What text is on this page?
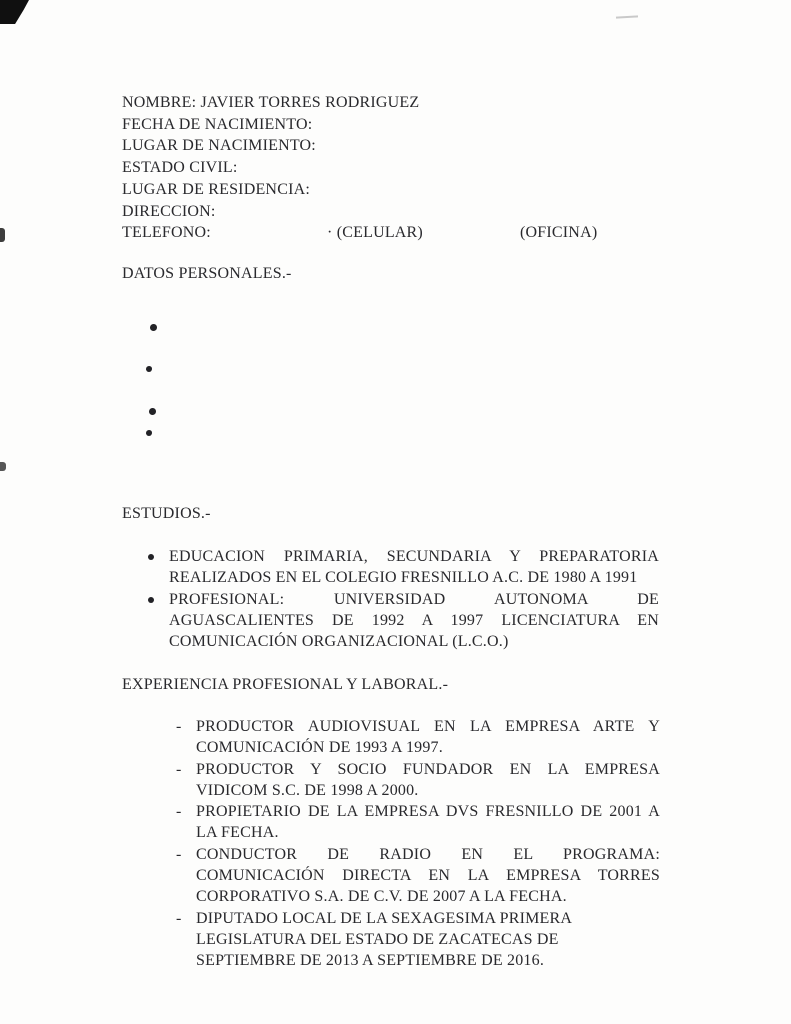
NOMBRE: JAVIER TORRES RODRIGUEZ
FECHA DE NACIMIENTO:
LUGAR DE NACIMIENTO:
ESTADO CIVIL:
LUGAR DE RESIDENCIA:
DIRECCION:
TELEFONO:	· (CELULAR)	(OFICINA)
DATOS PERSONALES.-
ESTUDIOS.-
EDUCACION PRIMARIA, SECUNDARIA Y PREPARATORIA
REALIZADOS EN EL COLEGIO FRESNILLO A.C. DE 1980 A 1991
PROFESIONAL: UNIVERSIDAD AUTONOMA DE
AGUASCALIENTES DE 1992 A 1997 LICENCIATURA EN
COMUNICACIÓN ORGANIZACIONAL (L.C.O.)
EXPERIENCIA PROFESIONAL Y LABORAL.-
- PRODUCTOR AUDIOVISUAL EN LA EMPRESA ARTE Y
COMUNICACIÓN DE 1993 A 1997.
- PRODUCTOR Y SOCIO FUNDADOR EN LA EMPRESA
VIDICOM S.C. DE 1998 A 2000.
- PROPIETARIO DE LA EMPRESA DVS FRESNILLO DE 2001 A
LA FECHA.
- CONDUCTOR DE RADIO EN EL PROGRAMA:
COMUNICACIÓN DIRECTA EN LA EMPRESA TORRES
CORPORATIVO S.A. DE C.V. DE 2007 A LA FECHA.
- DIPUTADO LOCAL DE LA SEXAGESIMA PRIMERA
LEGISLATURA DEL ESTADO DE ZACATECAS DE
SEPTIEMBRE DE 2013 A SEPTIEMBRE DE 2016.
